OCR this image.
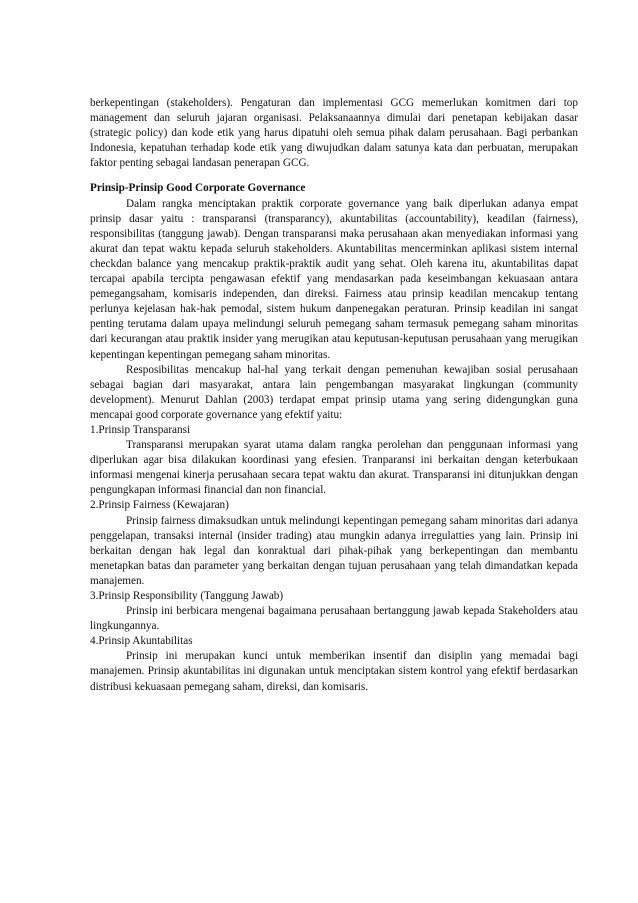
berkepentingan (stakeholders). Pengaturan dan implementasi GCG memerlukan komitmen dari top management dan seluruh jajaran organisasi. Pelaksanaannya dimulai dari penetapan kebijakan dasar (strategic policy) dan kode etik yang harus dipatuhi oleh semua pihak dalam perusahaan. Bagi perbankan Indonesia, kepatuhan terhadap kode etik yang diwujudkan dalam satunya kata dan perbuatan, merupakan faktor penting sebagai landasan penerapan GCG.

Prinsip-Prinsip Good Corporate Governance

Dalam rangka menciptakan praktik corporate governance yang baik diperlukan adanya empat prinsip dasar yaitu : transparansi (transparancy), akuntabilitas (accountability), keadilan (fairness), responsibilitas (tanggung jawab). Dengan transparansi maka perusahaan akan menyediakan informasi yang akurat dan tepat waktu kepada seluruh stakeholders. Akuntabilitas mencerminkan aplikasi sistem internal checkdan balance yang mencakup praktik-praktik audit yang sehat. Oleh karena itu, akuntabilitas dapat tercapai apabila tercipta pengawasan efektif yang mendasarkan pada keseimbangan kekuasaan antara pemegangsaham, komisaris independen, dan direksi. Fairness atau prinsip keadilan mencakup tentang perlunya kejelasan hak-hak pemodal, sistem hukum danpenegakan peraturan. Prinsip keadilan ini sangat penting terutama dalam upaya melindungi seluruh pemegang saham termasuk pemegang saham minoritas dari kecurangan atau praktik insider yang merugikan atau keputusan-keputusan perusahaan yang merugikan kepentingan kepentingan pemegang saham minoritas.

Resposibilitas mencakup hal-hal yang terkait dengan pemenuhan kewajiban sosial perusahaan sebagai bagian dari masyarakat, antara lain pengembangan masyarakat lingkungan (community development). Menurut Dahlan (2003) terdapat empat prinsip utama yang sering didengungkan guna mencapai good corporate governance yang efektif yaitu:

1.Prinsip Transparansi

Transparansi merupakan syarat utama dalam rangka perolehan dan penggunaan informasi yang diperlukan agar bisa dilakukan koordinasi yang efesien. Tranparansi ini berkaitan dengan keterbukaan informasi mengenai kinerja perusahaan secara tepat waktu dan akurat. Transparansi ini ditunjukkan dengan pengungkapan informasi financial dan non financial.

2.Prinsip Fairness (Kewajaran)

Prinsip fairness dimaksudkan untuk melindungi kepentingan pemegang saham minoritas dari adanya penggelapan, transaksi internal (insider trading) atau mungkin adanya irregulatties yang lain. Prinsip ini berkaitan dengan hak legal dan konraktual dari pihak-pihak yang berkepentingan dan membantu menetapkan batas dan parameter yang berkaitan dengan tujuan perusahaan yang telah dimandatkan kepada manajemen.

3.Prinsip Responsibility (Tanggung Jawab)

Prinsip ini berbicara mengenai bagaimana perusahaan bertanggung jawab kepada Stakeholders atau lingkungannya.

4.Prinsip Akuntabilitas

Prinsip ini merupakan kunci untuk memberikan insentif dan disiplin yang memadai bagi manajemen. Prinsip akuntabilitas ini digunakan untuk menciptakan sistem kontrol yang efektif berdasarkan distribusi kekuasaan pemegang saham, direksi, dan komisaris.
